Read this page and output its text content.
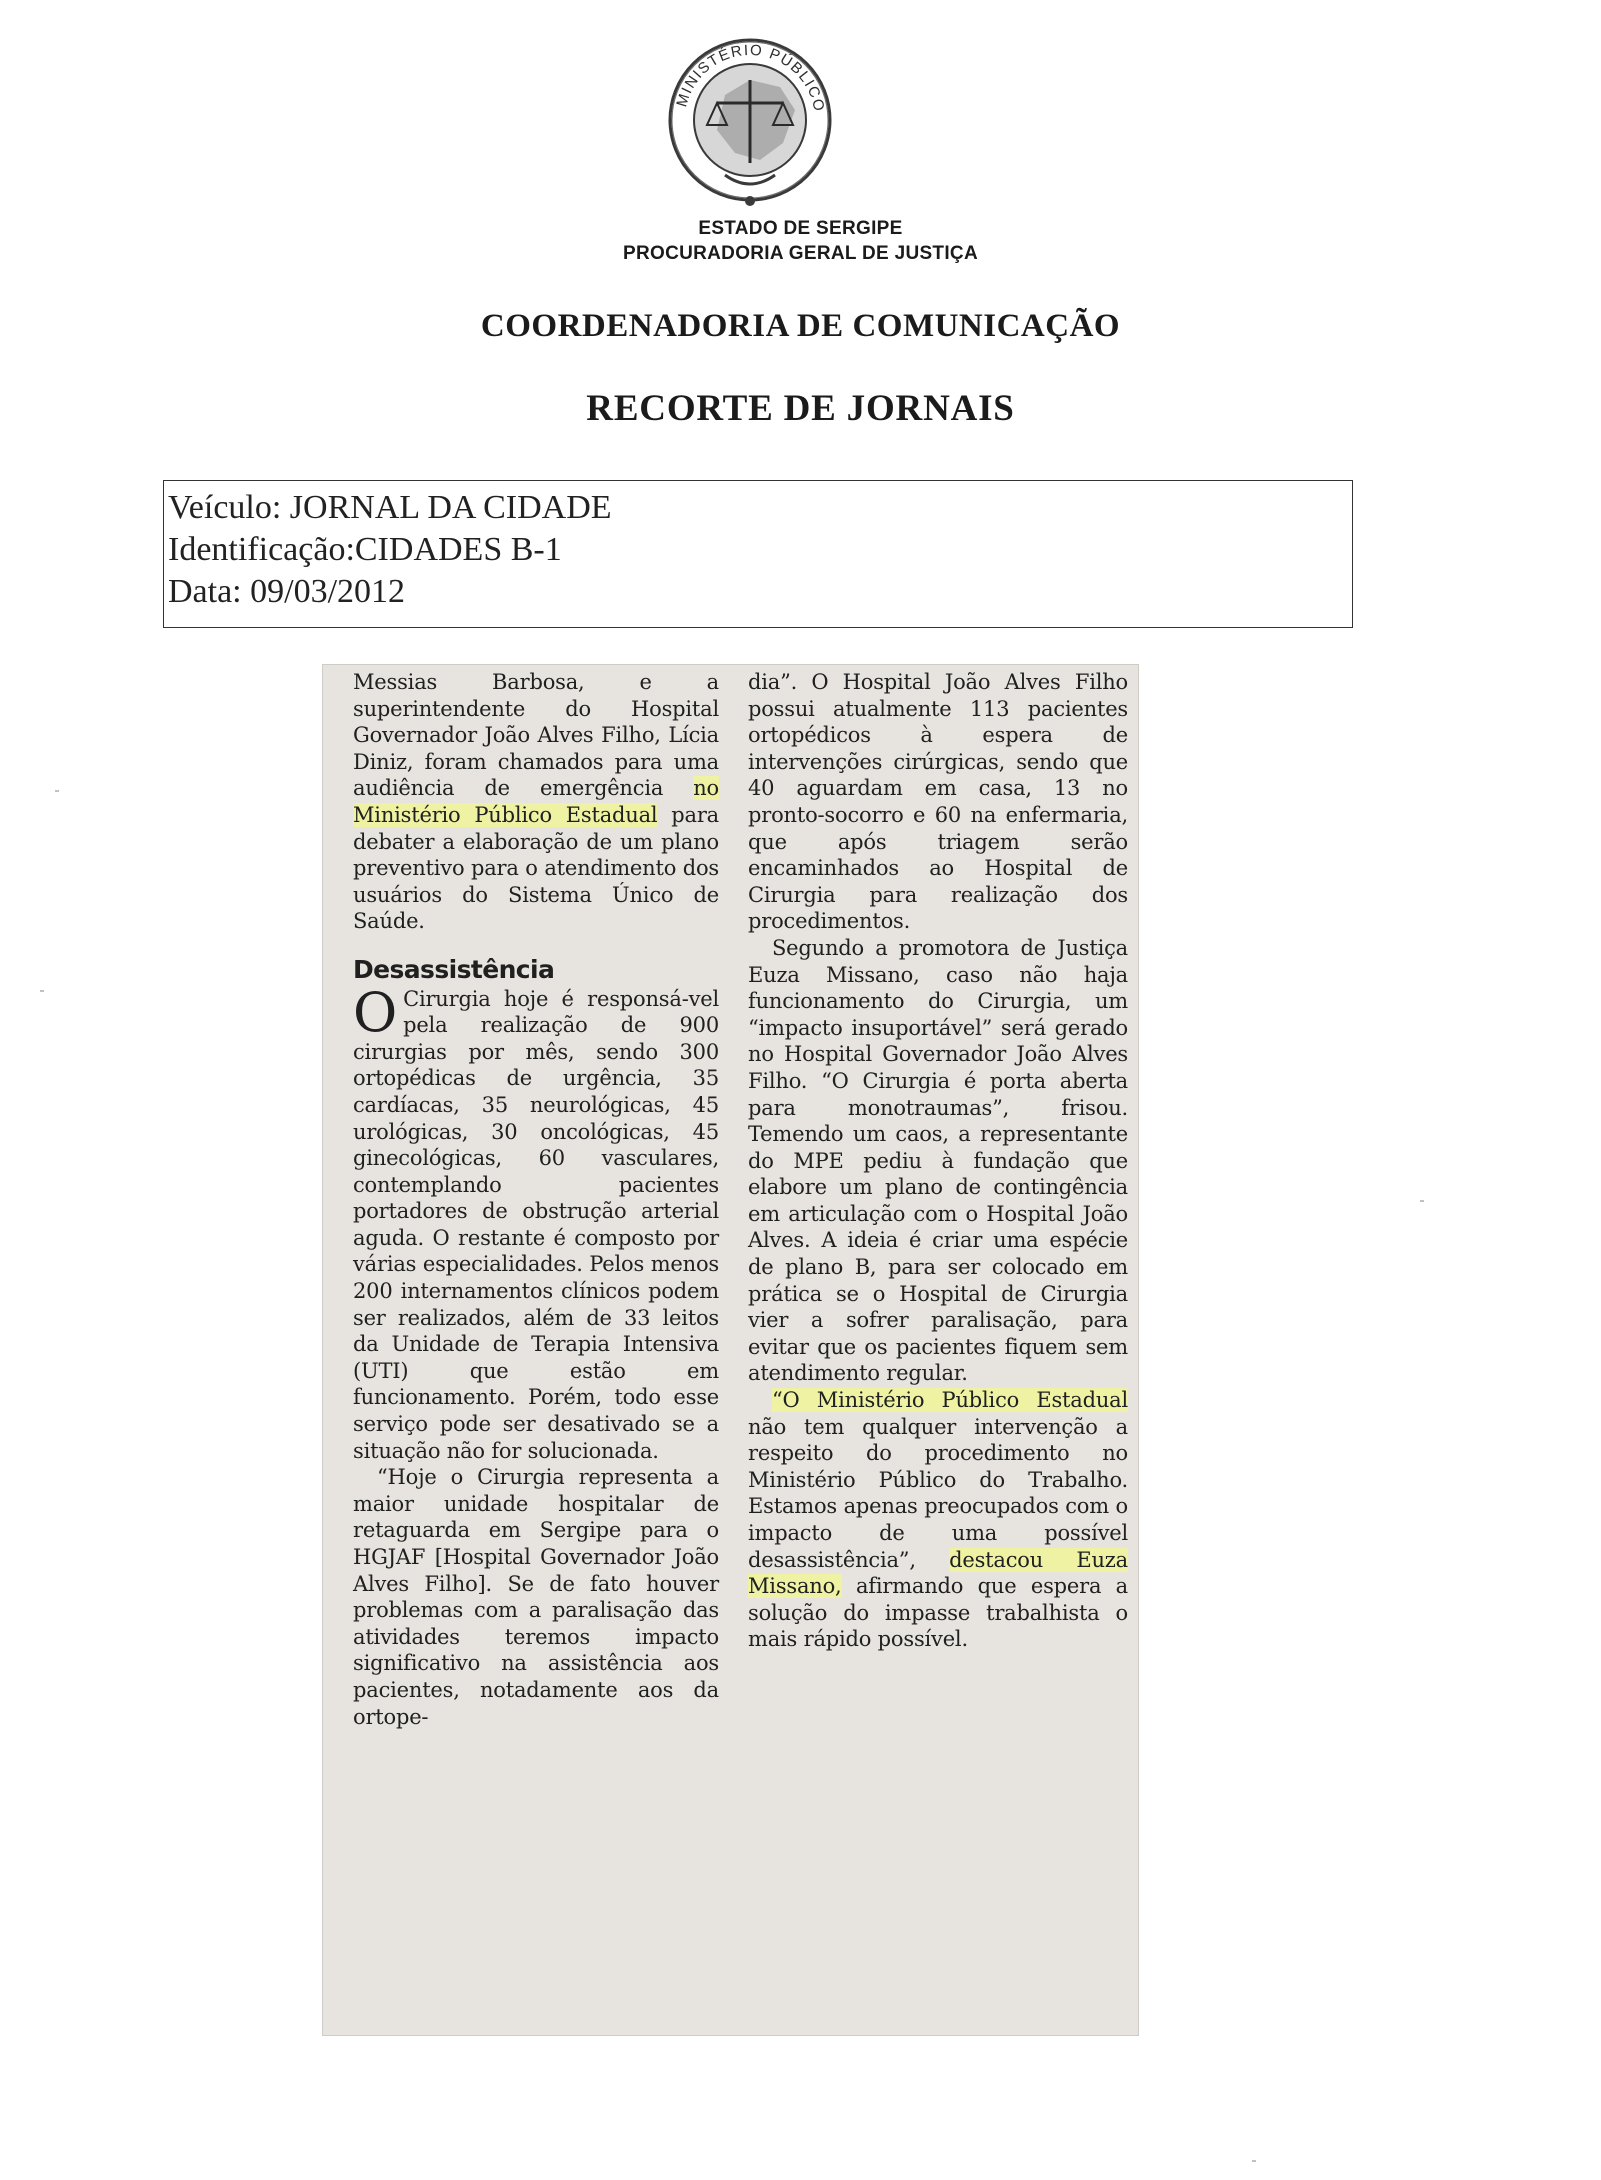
MINISTÉRIO PÚBLICO
ESTADO DE SERGIPE
PROCURADORIA GERAL DE JUSTIÇA
COORDENADORIA DE COMUNICAÇÃO
RECORTE DE JORNAIS
Veículo: JORNAL DA CIDADE
Identificação:CIDADES B-1
Data: 09/03/2012

Messias Barbosa, e a superintendente do Hospital Governador João Alves Filho, Lícia Diniz, foram chamados para uma audiência de emergência no Ministério Público Estadual para debater a elaboração de um plano preventivo para o atendimento dos usuários do Sistema Único de Saúde.

Desassistência

O Cirurgia hoje é responsá-vel pela realização de 900 cirurgias por mês, sendo 300 ortopédicas de urgência, 35 cardíacas, 35 neurológicas, 45 urológicas, 30 oncológicas, 45 ginecológicas, 60 vasculares, contemplando pacientes portadores de obstrução arterial aguda. O restante é composto por várias especialidades. Pelos menos 200 internamentos clínicos podem ser realizados, além de 33 leitos da Unidade de Terapia Intensiva (UTI) que estão em funcionamento. Porém, todo esse serviço pode ser desativado se a situação não for solucionada.

“Hoje o Cirurgia representa a maior unidade hospitalar de retaguarda em Sergipe para o HGJAF [Hospital Governador João Alves Filho]. Se de fato houver problemas com a paralisação das atividades teremos impacto significativo na assistência aos pacientes, notadamente aos da ortope-

dia”. O Hospital João Alves Filho possui atualmente 113 pacientes ortopédicos à espera de intervenções cirúrgicas, sendo que 40 aguardam em casa, 13 no pronto-socorro e 60 na enfermaria, que após triagem serão encaminhados ao Hospital de Cirurgia para realização dos procedimentos.

Segundo a promotora de Justiça Euza Missano, caso não haja funcionamento do Cirurgia, um “impacto insuportável” será gerado no Hospital Governador João Alves Filho. “O Cirurgia é porta aberta para monotraumas”, frisou. Temendo um caos, a representante do MPE pediu à fundação que elabore um plano de contingência em articulação com o Hospital João Alves. A ideia é criar uma espécie de plano B, para ser colocado em prática se o Hospital de Cirurgia vier a sofrer paralisação, para evitar que os pacientes fiquem sem atendimento regular.

“O Ministério Público Estadual não tem qualquer intervenção a respeito do procedimento no Ministério Público do Trabalho. Estamos apenas preocupados com o impacto de uma possível desassistência”, destacou Euza Missano, afirmando que espera a solução do impasse trabalhista o mais rápido possível.
